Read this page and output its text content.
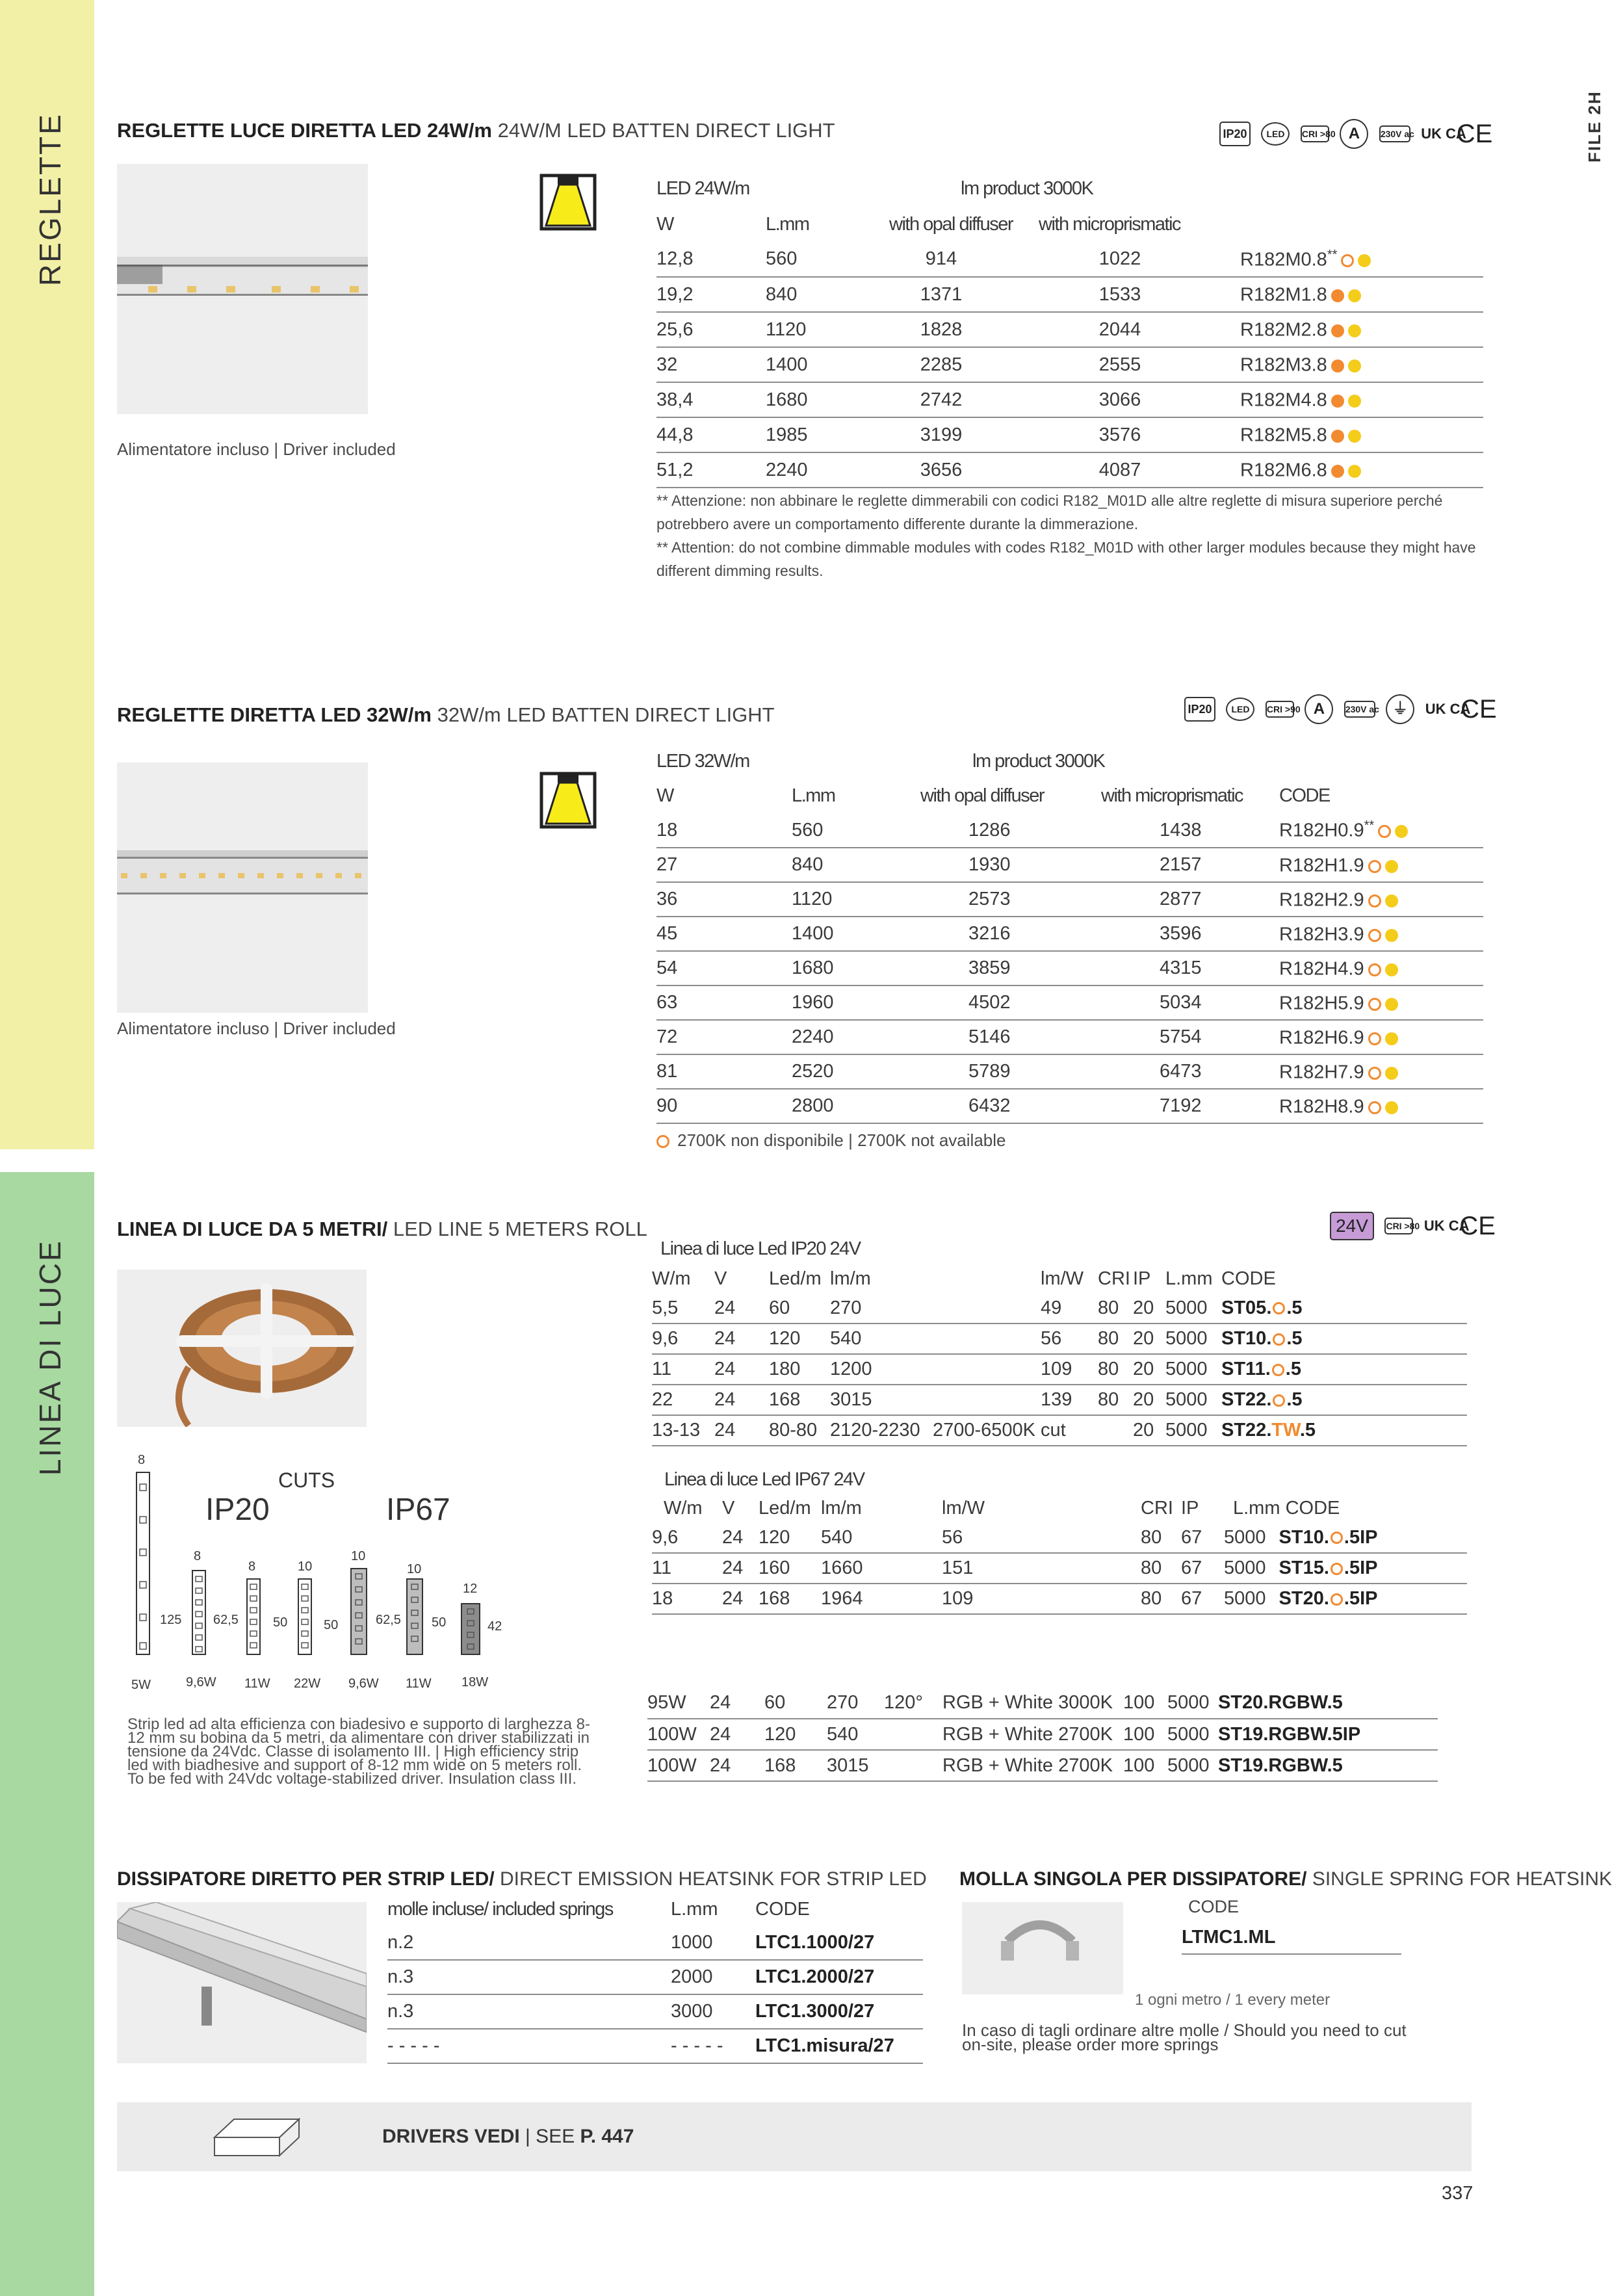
REGLETTE
LINEA DI LUCE
FILE 2H
REGLETTE LUCE DIRETTA LED 24W/m 24W/M LED BATTEN DIRECT LIGHT	IP20 LED CRI >80 A 230V ac UK CA CE
Alimentatore incluso | Driver included
LED 24W/m		lm product 3000K		
W	L.mm	with opal diffuser	with microprismatic	
12,8	560	914	1022	R182M0.8**
19,2	840	1371	1533	R182M1.8
25,6	1120	1828	2044	R182M2.8
32	1400	2285	2555	R182M3.8
38,4	1680	2742	3066	R182M4.8
44,8	1985	3199	3576	R182M5.8
51,2	2240	3656	4087	R182M6.8
** Attenzione: non abbinare le reglette dimmerabili con codici R182_M01D alle altre reglette di misura superiore perché potrebbero avere un comportamento differente durante la dimmerazione.
** Attention: do not combine dimmable modules with codes R182_M01D with other larger modules because they might have different dimming results.
REGLETTE DIRETTA LED 32W/m 32W/m LED BATTEN DIRECT LIGHT	IP20 LED CRI >90 A 230V ac ⏚ UK CA CE
Alimentatore incluso | Driver included
LED 32W/m		lm product 3000K		
W	L.mm	with opal diffuser	with microprismatic	CODE
18	560	1286	1438	R182H0.9**
27	840	1930	2157	R182H1.9
36	1120	2573	2877	R182H2.9
45	1400	3216	3596	R182H3.9
54	1680	3859	4315	R182H4.9
63	1960	4502	5034	R182H5.9
72	2240	5146	5754	R182H6.9
81	2520	5789	6473	R182H7.9
90	2800	6432	7192	R182H8.9
2700K non disponibile | 2700K not available
LINEA DI LUCE DA 5 METRI/ LED LINE 5 METERS ROLL	24V CRI >80 UK CA CE
Linea di luce Led IP20 24V
W/m	V	Led/m	lm/m		lm/W	CRI	IP	L.mm	CODE
5,5	24	60	270		49	80	20	5000	ST05. .5
9,6	24	120	540		56	80	20	5000	ST10. .5
11	24	180	1200		109	80	20	5000	ST11. .5
22	24	168	3015		139	80	20	5000	ST22. .5
13-13	24	80-80	2120-2230	2700-6500K	cut		20	5000	ST22.TW.5
CUTS
IP20	IP67
8
8
8	10
10
10
12
125 62,5	50	50	62,5 50	42
5W	9,6W 11W 22W 9,6W 11W 18W
Linea di luce Led IP67 24V
W/m	V	Led/m	lm/m	lm/W		CRI	IP	L.mm CODE
9,6	24	120	540	56		80	67	5000 ST10. .5IP
11	24	160	1660	151		80	67	5000 ST15. .5IP
18	24	168	1964	109		80	67	5000 ST20. .5IP
95W	24	60	270	120°	RGB + White 3000K	100	5000	ST20.RGBW.5
100W	24	120	540		RGB + White 2700K	100	5000	ST19.RGBW.5IP
100W	24	168	3015		RGB + White 2700K	100	5000	ST19.RGBW.5
Strip led ad alta efficienza con biadesivo e supporto di larghezza 8-12 mm su bobina da 5 metri, da alimentare con driver stabilizzati in tensione da 24Vdc. Classe di isolamento III. | High efficiency strip led with biadhesive and support of 8-12 mm wide on 5 meters roll. To be fed with 24Vdc voltage-stabilized driver. Insulation class III.
DISSIPATORE DIRETTO PER STRIP LED/ DIRECT EMISSION HEATSINK FOR STRIP LED
molle incluse/ included springs	L.mm	CODE
n.2	1000	LTC1.1000/27
n.3	2000	LTC1.2000/27
n.3	3000	LTC1.3000/27
- - - - -	- - - - -	LTC1.misura/27
MOLLA SINGOLA PER DISSIPATORE/ SINGLE SPRING FOR HEATSINK
CODE
LTMC1.ML
1 ogni metro / 1 every meter
In caso di tagli ordinare altre molle / Should you need to cut on-site, please order more springs
DRIVERS VEDI | SEE P. 447
337
